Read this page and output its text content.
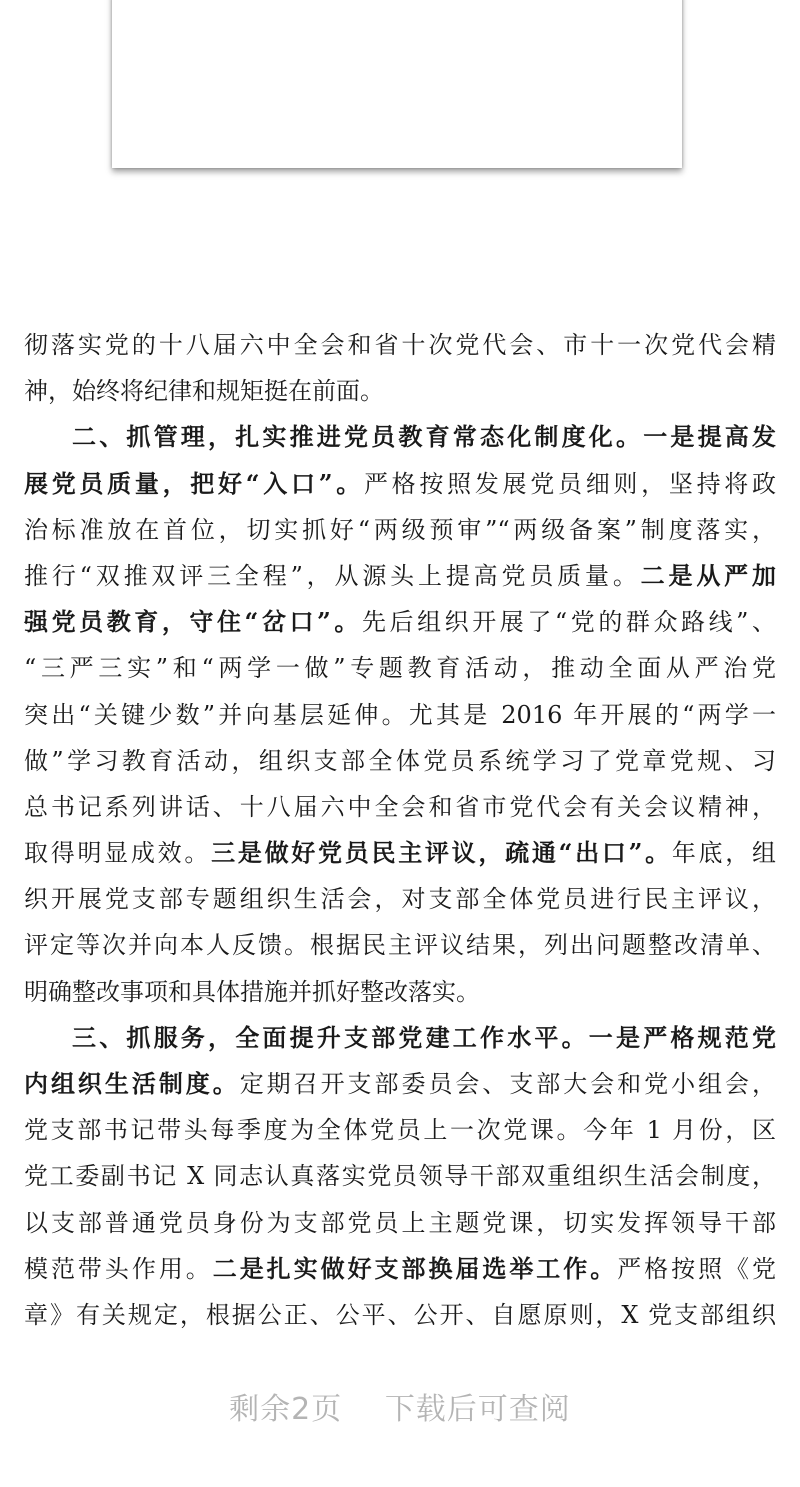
彻落实党的十八届六中全会和省十次党代会、市十一次党代会精
神，始终将纪律和规矩挺在前面。
二、抓管理，扎实推进党员教育常态化制度化。一是提高发
展党员质量，把好“入口”。严格按照发展党员细则，坚持将政
治标准放在首位，切实抓好“两级预审”“两级备案”制度落实，
推行“双推双评三全程”，从源头上提高党员质量。二是从严加
强党员教育，守住“岔口”。先后组织开展了“党的群众路线”、
“三严三实”和“两学一做”专题教育活动，推动全面从严治党
突出“关键少数”并向基层延伸。尤其是 2016 年开展的“两学一
做”学习教育活动，组织支部全体党员系统学习了党章党规、习
总书记系列讲话、十八届六中全会和省市党代会有关会议精神，
取得明显成效。三是做好党员民主评议，疏通“出口”。年底，组
织开展党支部专题组织生活会，对支部全体党员进行民主评议，
评定等次并向本人反馈。根据民主评议结果，列出问题整改清单、
明确整改事项和具体措施并抓好整改落实。
三、抓服务，全面提升支部党建工作水平。一是严格规范党
内组织生活制度。定期召开支部委员会、支部大会和党小组会，
党支部书记带头每季度为全体党员上一次党课。今年 1 月份，区
党工委副书记 X 同志认真落实党员领导干部双重组织生活会制度，
以支部普通党员身份为支部党员上主题党课，切实发挥领导干部
模范带头作用。二是扎实做好支部换届选举工作。严格按照《党
章》有关规定，根据公正、公平、公开、自愿原则，X 党支部组织
剩余2页 下载后可查阅
